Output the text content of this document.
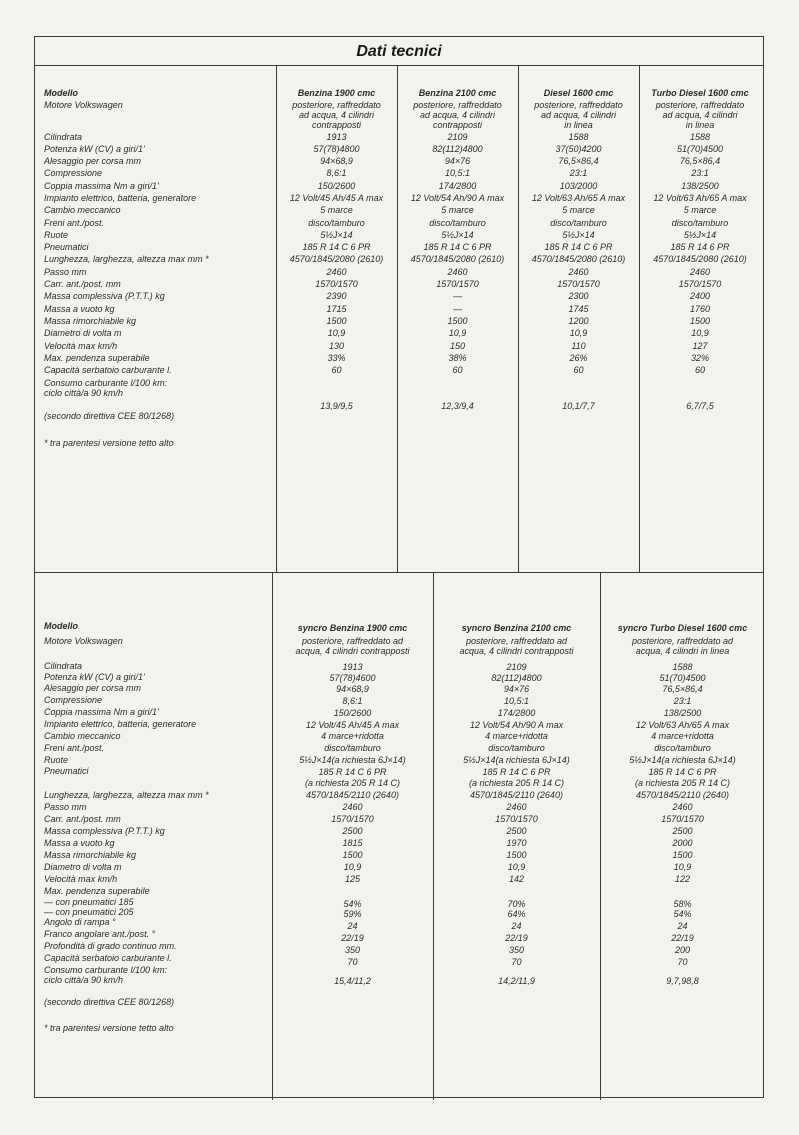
Dati tecnici
Modello
Motore Volkswagen
Cilindrata
Potenza kW (CV) a giri/1'
Alesaggio per corsa mm
Compressione
Coppia massima Nm a giri/1'
Impianto elettrico, batteria, generatore
Cambio meccanico
Freni ant./post.
Ruote
Pneumatici
Lunghezza, larghezza, altezza max mm *
Passo mm
Carr. ant./post. mm
Massa complessiva (P.T.T.) kg
Massa a vuoto kg
Massa rimorchiabile kg
Diametro di volta m
Velocità max km/h
Max. pendenza superabile
Capacità serbatoio carburante l.
Consumo carburante l/100 km:
ciclo città/a 90 km/h
(secondo direttiva CEE 80/1268)
* tra parentesi versione tetto alto
Benzina 1900 cmc
posteriore, raffreddato
ad acqua, 4 cilindri
contrapposti
1913
57(78)4800
94×68,9
8,6:1
150/2600
12 Volt/45 Ah/45 A max
5 marce
disco/tamburo
5½J×14
185 R 14 C 6 PR
4570/1845/2080 (2610)
2460
1570/1570
2390
1715
1500
10,9
130
33%
60
13,9/9,5
Benzina 2100 cmc
posteriore, raffreddato
ad acqua, 4 cilindri
contrapposti
2109
82(112)4800
94×76
10,5:1
174/2800
12 Volt/54 Ah/90 A max
5 marce
disco/tamburo
5½J×14
185 R 14 C 6 PR
4570/1845/2080 (2610)
2460
1570/1570
—
—
1500
10,9
150
38%
60
12,3/9,4
Diesel 1600 cmc
posteriore, raffreddato
ad acqua, 4 cilindri
in linea
1588
37(50)4200
76,5×86,4
23:1
103/2000
12 Volt/63 Ah/65 A max
5 marce
disco/tamburo
5½J×14
185 R 14 C 6 PR
4570/1845/2080 (2610)
2460
1570/1570
2300
1745
1200
10,9
110
26%
60
10,1/7,7
Turbo Diesel 1600 cmc
posteriore, raffreddato
ad acqua, 4 cilindri
in linea
1588
51(70)4500
76,5×86,4
23:1
138/2500
12 Volt/63 Ah/65 A max
5 marce
disco/tamburo
5½J×14
185 R 14 6 PR
4570/1845/2080 (2610)
2460
1570/1570
2400
1760
1500
10,9
127
32%
60
6,7/7,5
Modello
Motore Volkswagen
Cilindrata
Potenza kW (CV) a giri/1'
Alesaggio per corsa mm
Compressione
Coppia massima Nm a giri/1'
Impianto elettrico, batteria, generatore
Cambio meccanico
Freni ant./post.
Ruote
Pneumatici
Lunghezza, larghezza, altezza max mm *
Passo mm
Carr. ant./post. mm
Massa complessiva (P.T.T.) kg
Massa a vuoto kg
Massa rimorchiabile kg
Diametro di volta m
Velocità max km/h
Max. pendenza superabile
— con pneumatici 185
— con pneumatici 205
Angolo di rampa °
Franco angolare ant./post. °
Profondità di grado continuo mm.
Capacità serbatoio carburante l.
Consumo carburante l/100 km:
ciclo città/a 90 km/h
(secondo direttiva CEE 80/1268)
* tra parentesi versione tetto alto
syncro Benzina 1900 cmc
posteriore, raffreddato ad
acqua, 4 cilindri contrapposti
1913
57(78)4600
94×68,9
8,6:1
150/2600
12 Volt/45 Ah/45 A max
4 marce+ridotta
disco/tamburo
5½J×14(a richiesta 6J×14)
185 R 14 C 6 PR
(a richiesta 205 R 14 C)
4570/1845/2110 (2640)
2460
1570/1570
2500
1815
1500
10,9
125
54%
59%
24
22/19
350
70
15,4/11,2
syncro Benzina 2100 cmc
posteriore, raffreddato ad
acqua, 4 cilindri contrapposti
2109
82(112)4800
94×76
10,5:1
174/2800
12 Volt/54 Ah/90 A max
4 marce+ridotta
disco/tamburo
5½J×14(a richiesta 6J×14)
185 R 14 C 6 PR
(a richiesta 205 R 14 C)
4570/1845/2110 (2640)
2460
1570/1570
2500
1970
1500
10,9
142
70%
64%
24
22/19
350
70
14,2/11,9
syncro Turbo Diesel 1600 cmc
posteriore, raffreddato ad
acqua, 4 cilindri in linea
1588
51(70)4500
76,5×86,4
23:1
138/2500
12 Volt/63 Ah/65 A max
4 marce+ridotta
disco/tamburo
5½J×14(a richiesta 6J×14)
185 R 14 C 6 PR
(a richiesta 205 R 14 C)
4570/1845/2110 (2640)
2460
1570/1570
2500
2000
1500
10,9
122
58%
54%
24
22/19
200
70
9,7,98,8
